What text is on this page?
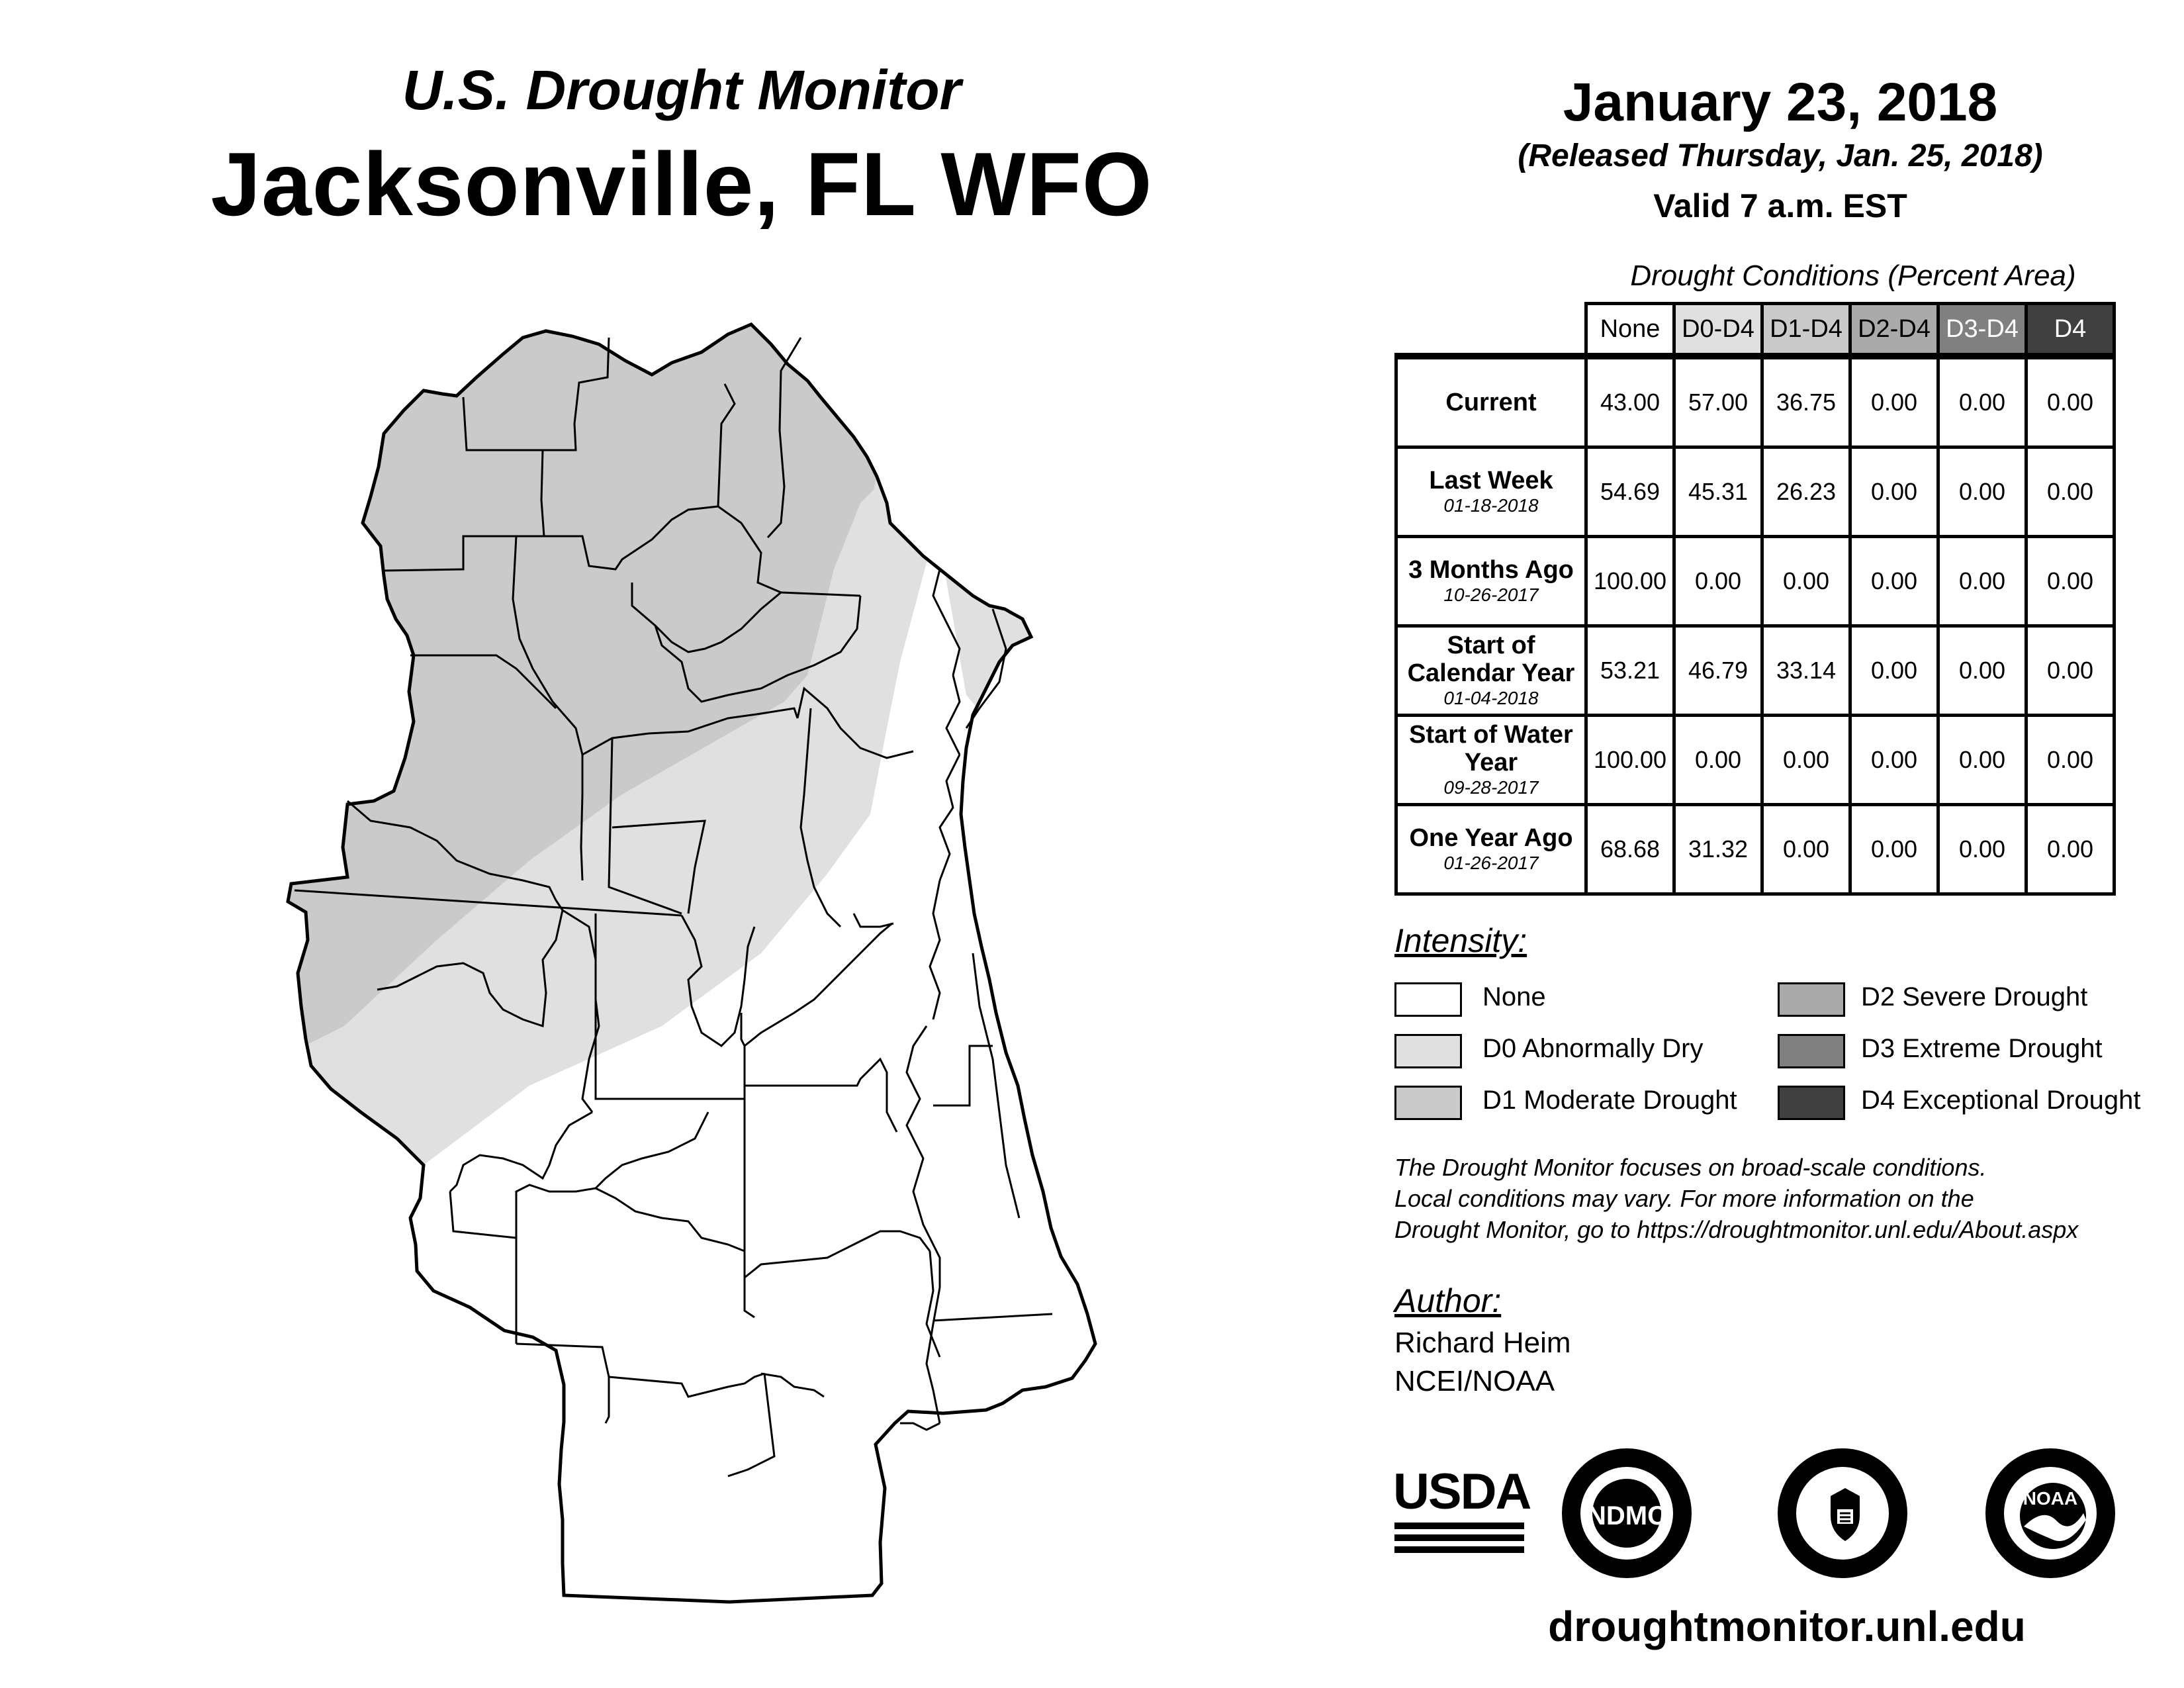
U.S. Drought Monitor
Jacksonville, FL WFO
January 23, 2018
(Released Thursday, Jan. 25, 2018)
Valid 7 a.m. EST
Drought Conditions (Percent Area)
	None	D0-D4	D1-D4	D2-D4	D3-D4	D4
Current	43.00	57.00	36.75	0.00	0.00	0.00
Last Week
01-18-2018	54.69	45.31	26.23	0.00	0.00	0.00
3 Months Ago
10-26-2017	100.00	0.00	0.00	0.00	0.00	0.00
Start of Calendar Year
01-04-2018	53.21	46.79	33.14	0.00	0.00	0.00
Start of Water Year
09-28-2017	100.00	0.00	0.00	0.00	0.00	0.00
One Year Ago
01-26-2017	68.68	31.32	0.00	0.00	0.00	0.00
Intensity:
None
D0 Abnormally Dry
D1 Moderate Drought
D2 Severe Drought
D3 Extreme Drought
D4 Exceptional Drought
The Drought Monitor focuses on broad-scale conditions.
Local conditions may vary. For more information on the
Drought Monitor, go to https://droughtmonitor.unl.edu/About.aspx
Author:
Richard Heim
NCEI/NOAA
USDA	NDMC
NOAA
droughtmonitor.unl.edu
